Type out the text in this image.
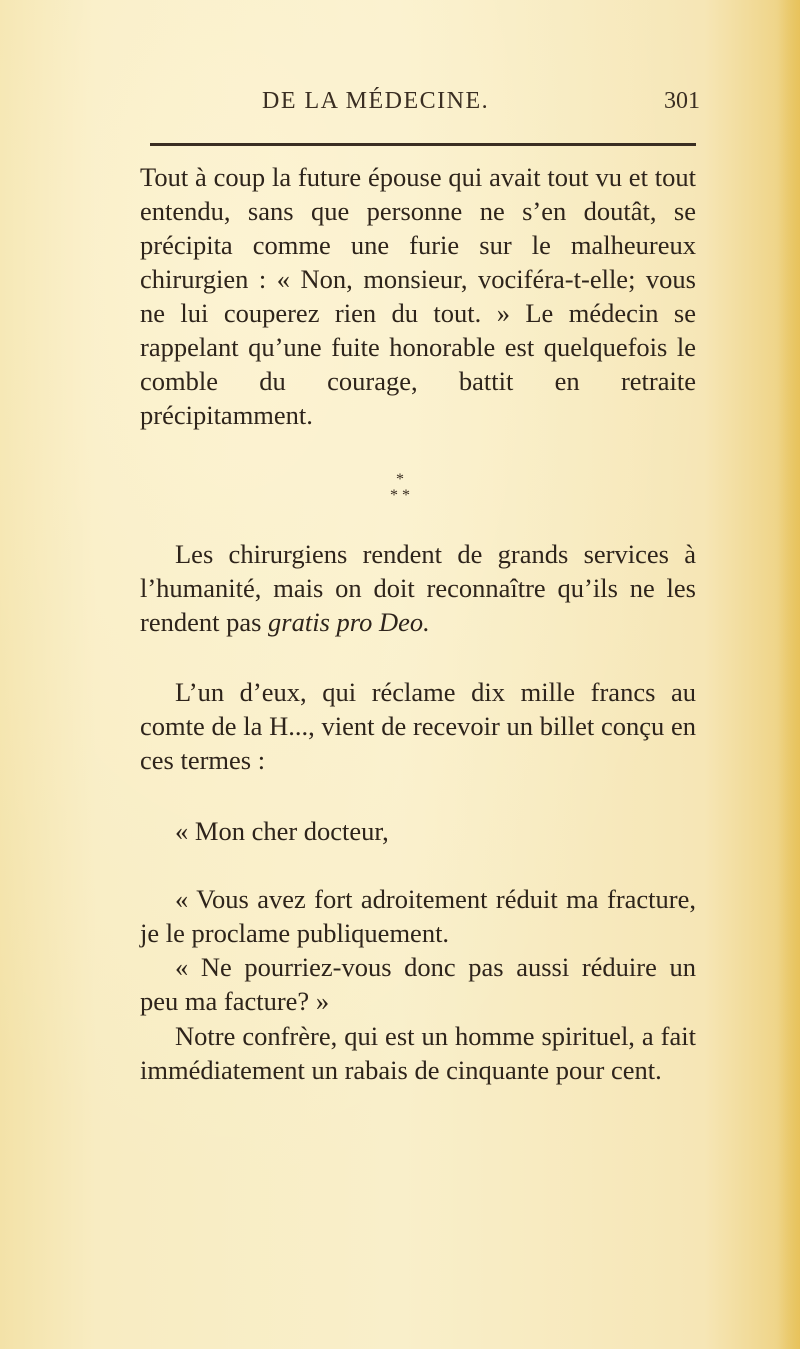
DE LA MÉDECINE.	301
Tout à coup la future épouse qui avait tout vu et tout entendu, sans que personne ne s’en doutât, se précipita comme une furie sur le malheureux chirurgien : « Non, monsieur, vociféra-t-elle; vous ne lui couperez rien du tout. » Le médecin se rappelant qu’une fuite honorable est quelquefois le comble du courage, battit en retraite précipitamment.
*
* *
Les chirurgiens rendent de grands services à l’humanité, mais on doit reconnaître qu’ils ne les rendent pas gratis pro Deo.
L’un d’eux, qui réclame dix mille francs au comte de la H..., vient de recevoir un billet conçu en ces termes :
« Mon cher docteur,
« Vous avez fort adroitement réduit ma fracture, je le proclame publiquement.
« Ne pourriez-vous donc pas aussi réduire un peu ma facture? »
Notre confrère, qui est un homme spirituel, a fait immédiatement un rabais de cinquante pour cent.
